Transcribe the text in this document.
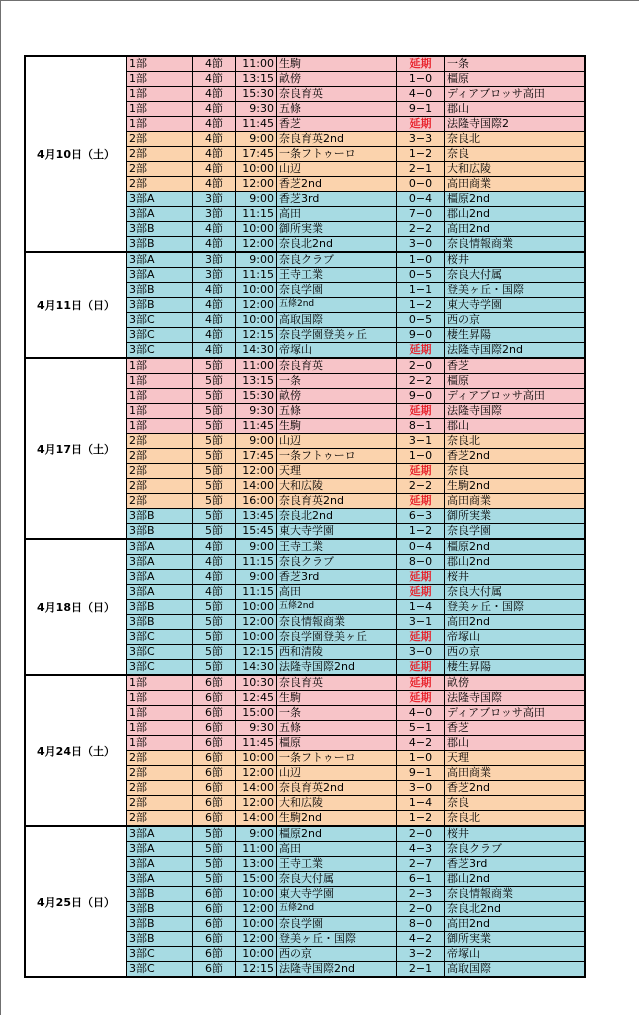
4月10日（土）
1部	4節	11:00 生駒	延期	一条
1部	4節	13:15 畝傍	1−0	橿原
1部	4節	15:30 奈良育英	4−0	ディアブロッサ高田
1部	4節	9:30 五條	9−1	郡山
1部	4節	11:45 香芝	延期	法隆寺国際2
2部	4節	9:00 奈良育英2nd	3−3	奈良北
2部	4節	17:45 一条フトゥーロ	1−2	奈良
2部	4節	10:00 山辺	2−1	大和広陵
2部	4節	12:00 香芝2nd	0−0	高田商業
3部A	3節	9:00 香芝3rd	0−4	橿原2nd
3部A	3節	11:15 高田	7−0	郡山2nd
3部B	4節	10:00 御所実業	2−2	高田2nd
3部B	4節	12:00 奈良北2nd	3−0	奈良情報商業
4月11日（日）
3部A	3節	9:00 奈良クラブ	1−0	桜井
3部A	3節	11:15 王寺工業	0−5	奈良大付属
3部B	4節	10:00 奈良学園	1−1	登美ヶ丘・国際
3部B	4節	12:00 五條2nd	1−2	東大寺学園
3部C	4節	10:00 高取国際	0−5	西の京
3部C	4節	12:15 奈良学園登美ヶ丘	9−0	棲生昇陽
3部C	4節	14:30 帝塚山	延期	法隆寺国際2nd
4月17日（土）
1部	5節	11:00 奈良育英	2−0	香芝
1部	5節	13:15 一条	2−2	橿原
1部	5節	15:30 畝傍	9−0	ディアブロッサ高田
1部	5節	9:30 五條	延期	法隆寺国際
1部	5節	11:45 生駒	8−1	郡山
2部	5節	9:00 山辺	3−1	奈良北
2部	5節	17:45 一条フトゥーロ	1−0	香芝2nd
2部	5節	12:00 天理	延期	奈良
2部	5節	14:00 大和広陵	2−2	生駒2nd
2部	5節	16:00 奈良育英2nd	延期	高田商業
3部B	5節	13:45 奈良北2nd	6−3	御所実業
3部B	5節	15:45 東大寺学園	1−2	奈良学園
4月18日（日）
3部A	4節	9:00 王寺工業	0−4	橿原2nd
3部A	4節	11:15 奈良クラブ	8−0	郡山2nd
3部A	4節	9:00 香芝3rd	延期	桜井
3部A	4節	11:15 高田	延期	奈良大付属
3部B	5節	10:00 五條2nd	1−4	登美ヶ丘・国際
3部B	5節	12:00 奈良情報商業	3−1	高田2nd
3部C	5節	10:00 奈良学園登美ヶ丘	延期	帝塚山
3部C	5節	12:15 西和清陵	3−0	西の京
3部C	5節	14:30 法隆寺国際2nd	延期	棲生昇陽
4月24日（土）
1部	6節	10:30 奈良育英	延期	畝傍
1部	6節	12:45 生駒	延期	法隆寺国際
1部	6節	15:00 一条	4−0	ディアブロッサ高田
1部	6節	9:30 五條	5−1	香芝
1部	6節	11:45 橿原	4−2	郡山
2部	6節	10:00 一条フトゥーロ	1−0	天理
2部	6節	12:00 山辺	9−1	高田商業
2部	6節	14:00 奈良育英2nd	3−0	香芝2nd
2部	6節	12:00 大和広陵	1−4	奈良
2部	6節	14:00 生駒2nd	1−2	奈良北
4月25日（日）
3部A	5節	9:00 橿原2nd	2−0	桜井
3部A	5節	11:00 高田	4−3	奈良クラブ
3部A	5節	13:00 王寺工業	2−7	香芝3rd
3部A	5節	15:00 奈良大付属	6−1	郡山2nd
3部B	6節	10:00 東大寺学園	2−3	奈良情報商業
3部B	6節	12:00 五條2nd	2−0	奈良北2nd
3部B	6節	10:00 奈良学園	8−0	高田2nd
3部B	6節	12:00 登美ヶ丘・国際	4−2	御所実業
3部C	6節	10:00 西の京	3−2	帝塚山
3部C	6節	12:15 法隆寺国際2nd	2−1	高取国際
